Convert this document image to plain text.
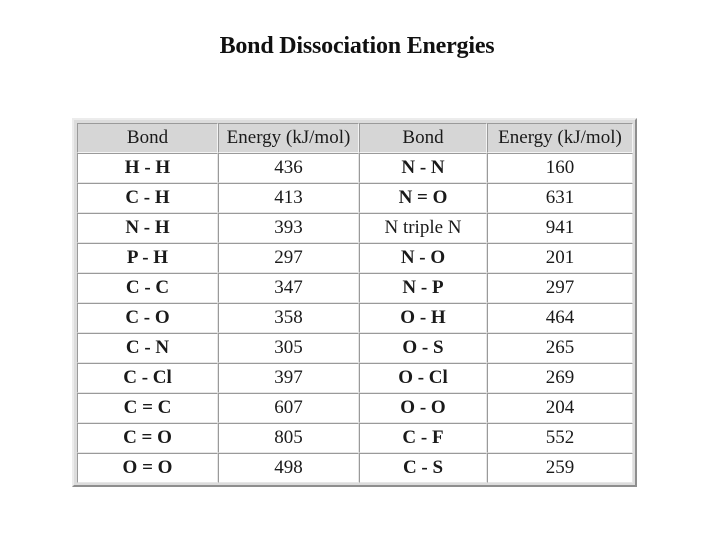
Bond Dissociation Energies
Bond	Energy (kJ/mol)	Bond	Energy (kJ/mol)
H - H	436	N - N	160
C - H	413	N = O	631
N - H	393	N triple N	941
P - H	297	N - O	201
C - C	347	N - P	297
C - O	358	O - H	464
C - N	305	O - S	265
C - Cl	397	O - Cl	269
C = C	607	O - O	204
C = O	805	C - F	552
O = O	498	C - S	259
